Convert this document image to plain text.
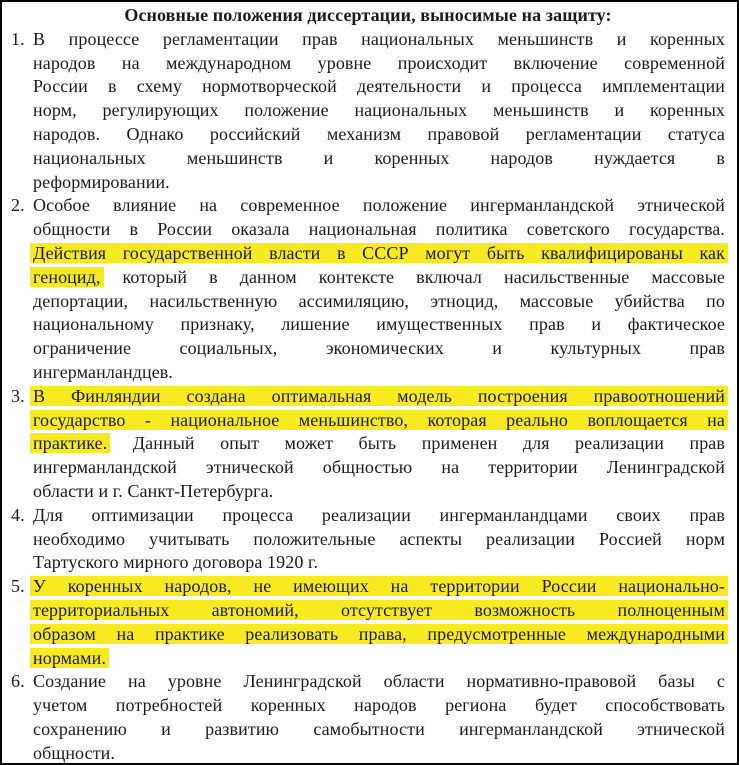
Основные положения диссертации, выносимые на защиту:
1. В процессе регламентации прав национальных меньшинств и коренных
народов на международном уровне происходит включение современной
России в схему нормотворческой деятельности и процесса имплементации
норм, регулирующих положение национальных меньшинств и коренных
народов. Однако российский механизм правовой регламентации статуса
национальных меньшинств и коренных народов нуждается в
реформировании.
2. Особое влияние на современное положение ингерманландской этнической
общности в России оказала национальная политика советского государства.
Действия государственной власти в СССР могут быть квалифицированы как
геноцид, который в данном контексте включал насильственные массовые
депортации, насильственную ассимиляцию, этноцид, массовые убийства по
национальному признаку, лишение имущественных прав и фактическое
ограничение социальных, экономических и культурных прав
ингерманландцев.
3. В Финляндии создана оптимальная модель построения правоотношений
государство - национальное меньшинство, которая реально воплощается на
практике. Данный опыт может быть применен для реализации прав
ингерманландской этнической общностью на территории Ленинградской
области и г. Санкт-Петербурга.
4. Для оптимизации процесса реализации ингерманландцами своих прав
необходимо учитывать положительные аспекты реализации Россией норм
Тартуского мирного договора 1920 г.
5. У коренных народов, не имеющих на территории России национально-
территориальных автономий, отсутствует возможность полноценным
образом на практике реализовать права, предусмотренные международными
нормами.
6. Создание на уровне Ленинградской области нормативно-правовой базы с
учетом потребностей коренных народов региона будет способствовать
сохранению и развитию самобытности ингерманландской этнической
общности.
